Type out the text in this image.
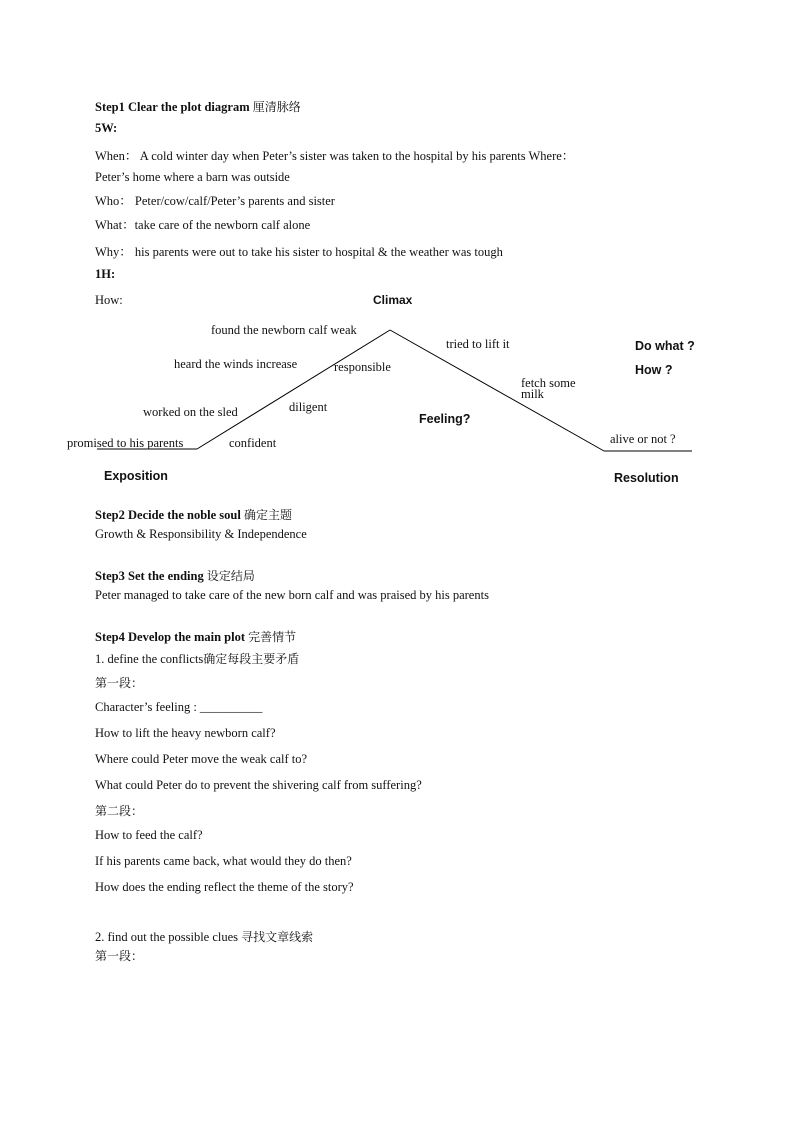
Step1 Clear the plot diagram 厘清脉络
5W:
When： A cold winter day when Peter’s sister was taken to the hospital by his parents Where：
Peter’s home where a barn was outside
Who： Peter/cow/calf/Peter’s parents and sister
What：take care of the newborn calf alone
Why： his parents were out to take his sister to hospital & the weather was tough
1H:
How:	Climax
promised to his parents
worked on the sled
heard the winds increase
found the newborn calf weak
confident
diligent
responsible
tried to lift it
fetch some
milk
alive or not ?
Feeling?
Do what ?
How ?
Exposition	Resolution
Step2 Decide the noble soul 确定主题
Growth & Responsibility & Independence
Step3 Set the ending 设定结局
Peter managed to take care of the new born calf and was praised by his parents
Step4 Develop the main plot 完善情节
1. define the conflicts确定每段主要矛盾
第一段：
Character’s feeling : __________
How to lift the heavy newborn calf?
Where could Peter move the weak calf to?
What could Peter do to prevent the shivering calf from suffering?
第二段：
How to feed the calf?
If his parents came back, what would they do then?
How does the ending reflect the theme of the story?
2. find out the possible clues 寻找文章线索
第一段：
